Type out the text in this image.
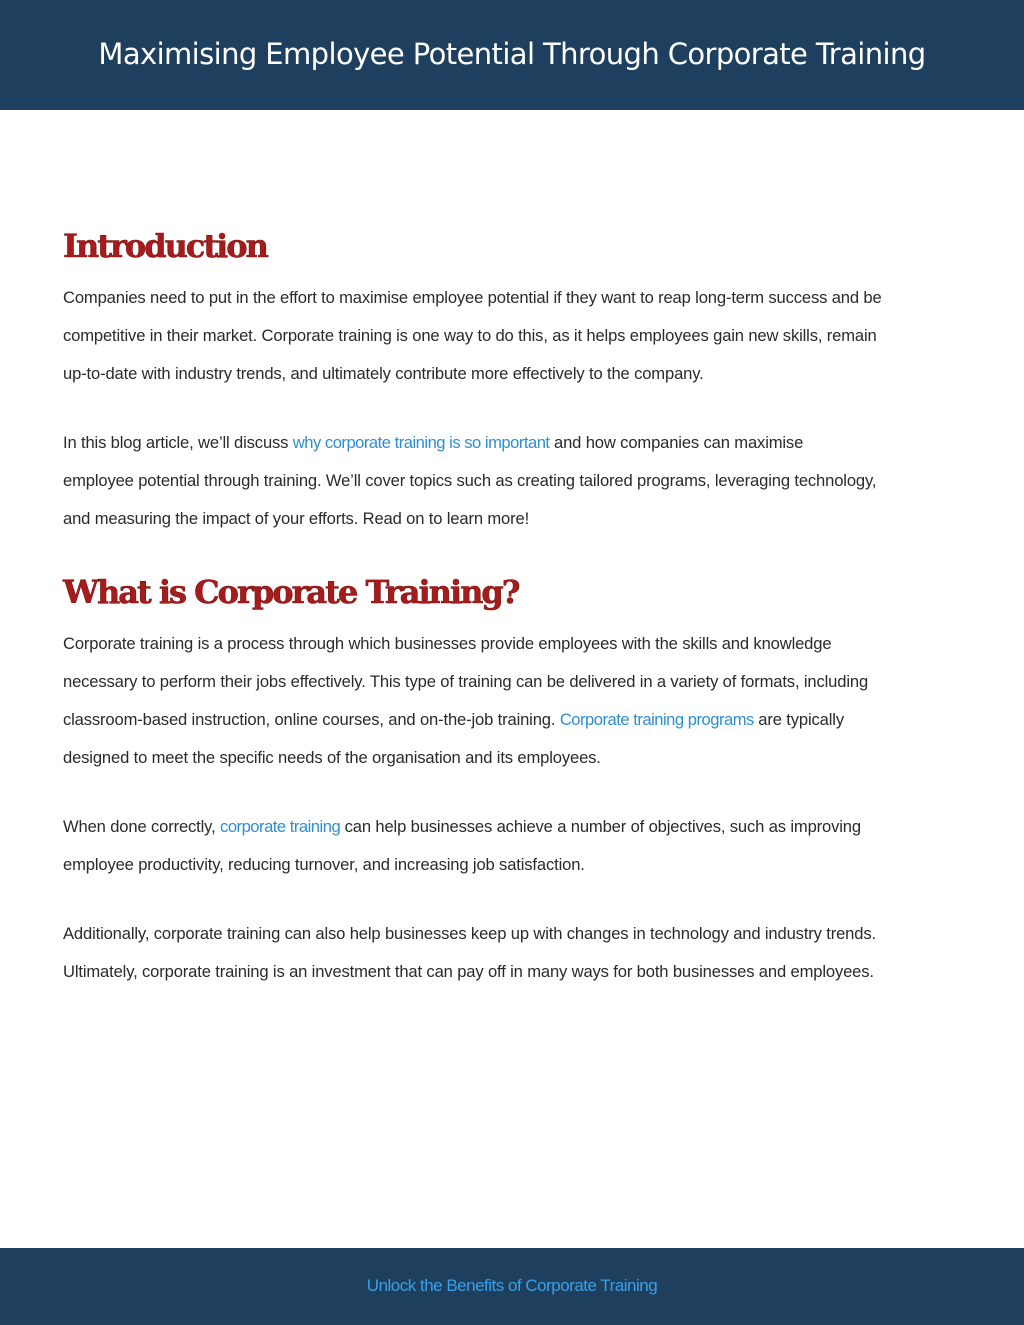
Maximising Employee Potential Through Corporate Training
Introduction

Companies need to put in the effort to maximise employee potential if they want to reap long-term success and be

competitive in their market. Corporate training is one way to do this, as it helps employees gain new skills, remain

up-to-date with industry trends, and ultimately contribute more effectively to the company.

In this blog article, we’ll discuss why corporate training is so important and how companies can maximise

employee potential through training. We’ll cover topics such as creating tailored programs, leveraging technology,

and measuring the impact of your efforts. Read on to learn more!

What is Corporate Training?

Corporate training is a process through which businesses provide employees with the skills and knowledge

necessary to perform their jobs effectively. This type of training can be delivered in a variety of formats, including

classroom-based instruction, online courses, and on-the-job training. Corporate training programs are typically

designed to meet the specific needs of the organisation and its employees.

When done correctly, corporate training can help businesses achieve a number of objectives, such as improving

employee productivity, reducing turnover, and increasing job satisfaction.

Additionally, corporate training can also help businesses keep up with changes in technology and industry trends.

Ultimately, corporate training is an investment that can pay off in many ways for both businesses and employees.

Unlock the Benefits of Corporate Training
